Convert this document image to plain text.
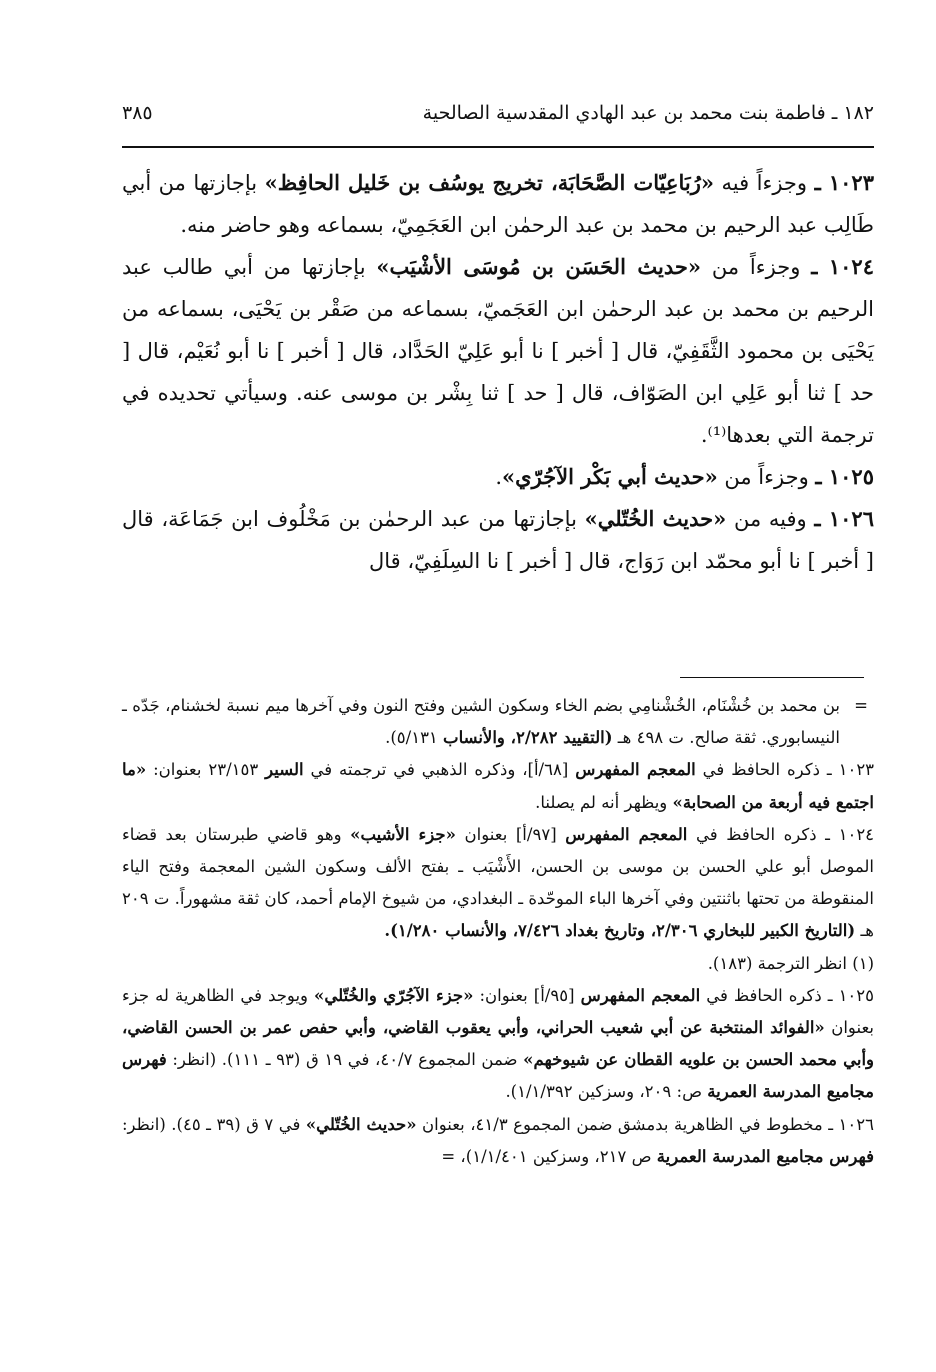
١٨٢ ـ فاطمة بنت محمد بن عبد الهادي المقدسية الصالحية
٣٨٥

١٠٢٣ ـ وجزءاً فيه «رُبَاعِيّات الصَّحَابَة، تخريج يوسُف بن خَليل الحافِظ» بإجازتها من أبي طَالِب عبد الرحيم بن محمد بن عبد الرحمٰن ابن العَجَمِيّ، بسماعه وهو حاضر منه.

١٠٢٤ ـ وجزءاً من «حديث الحَسَن بن مُوسَى الأشْيَب» بإجازتها من أبي طالب عبد الرحيم بن محمد بن عبد الرحمٰن ابن العَجَميّ، بسماعه من صَقْر بن يَحْيَى، بسماعه من يَحْيَى بن محمود الثَّقَفِيّ، قال [ أخبر ] نا أبو عَلِيّ الحَدَّاد، قال [ أخبر ] نا أبو نُعَيْم، قال [ حد ] ثنا أبو عَلِي ابن الصَوّاف، قال [ حد ] ثنا بِشْر بن موسى عنه. وسيأتي تحديده في ترجمة التي بعدها⁽¹⁾.

١٠٢٥ ـ وجزءاً من «حديث أبي بَكْر الآجُرّي».

١٠٢٦ ـ وفيه من «حديث الخُتّلي» بإجازتها من عبد الرحمٰن بن مَخْلُوف ابن جَمَاعَة، قال [ أخبر ] نا أبو محمّد ابن رَوَاج، قال [ أخبر ] نا السِلَفِيّ، قال

=
بن محمد بن خُشْنَام، الخُشْنامِي بضم الخاء وسكون الشين وفتح النون وفي آخرها ميم نسبة لخشنام، جَدّه ـ النيسابوري. ثقة صالح. ت ٤٩٨ هـ (التقييد ٢/٢٨٢، والأنساب ٥/١٣١).

١٠٢٣ ـ ذكره الحافظ في المعجم المفهرس [٦٨/أ]، وذكره الذهبي في ترجمته في السير ٢٣/١٥٣ بعنوان: «ما اجتمع فيه أربعة من الصحابة» ويظهر أنه لم يصلنا.

١٠٢٤ ـ ذكره الحافظ في المعجم المفهرس [٩٧/أ] بعنوان «جزء الأشيب» وهو قاضي طبرستان بعد قضاء الموصل أبو علي الحسن بن موسى بن الحسن، الأَشْيَب ـ بفتح الألف وسكون الشين المعجمة وفتح الياء المنقوطة من تحتها باثنتين وفي آخرها الباء الموحّدة ـ البغدادي، من شيوخ الإمام أحمد، كان ثقة مشهوراً. ت ٢٠٩ هـ (التاريخ الكبير للبخاري ٢/٣٠٦، وتاريخ بغداد ٧/٤٢٦، والأنساب ١/٢٨٠).

(١) انظر الترجمة (١٨٣).

١٠٢٥ ـ ذكره الحافظ في المعجم المفهرس [٩٥/أ] بعنوان: «جزء الآجُرّي والخُتّلي» ويوجد في الظاهرية له جزء بعنوان «الفوائد المنتخبة عن أبي شعيب الحراني، وأبي يعقوب القاضي، وأبي حفص عمر بن الحسن القاضي، وأبي محمد الحسن بن علويه القطان عن شيوخهم» ضمن المجموع ٤٠/٧، في ١٩ ق (٩٣ ـ ١١١). (انظر: فهرس مجاميع المدرسة العمرية ص: ٢٠٩، وسزكين ١/١/٣٩٢).

١٠٢٦ ـ مخطوط في الظاهرية بدمشق ضمن المجموع ٤١/٣، بعنوان «حديث الخُتّلي» في ٧ ق (٣٩ ـ ٤٥). (انظر: فهرس مجاميع المدرسة العمرية ص ٢١٧، وسزكين ١/١/٤٠١)، =
